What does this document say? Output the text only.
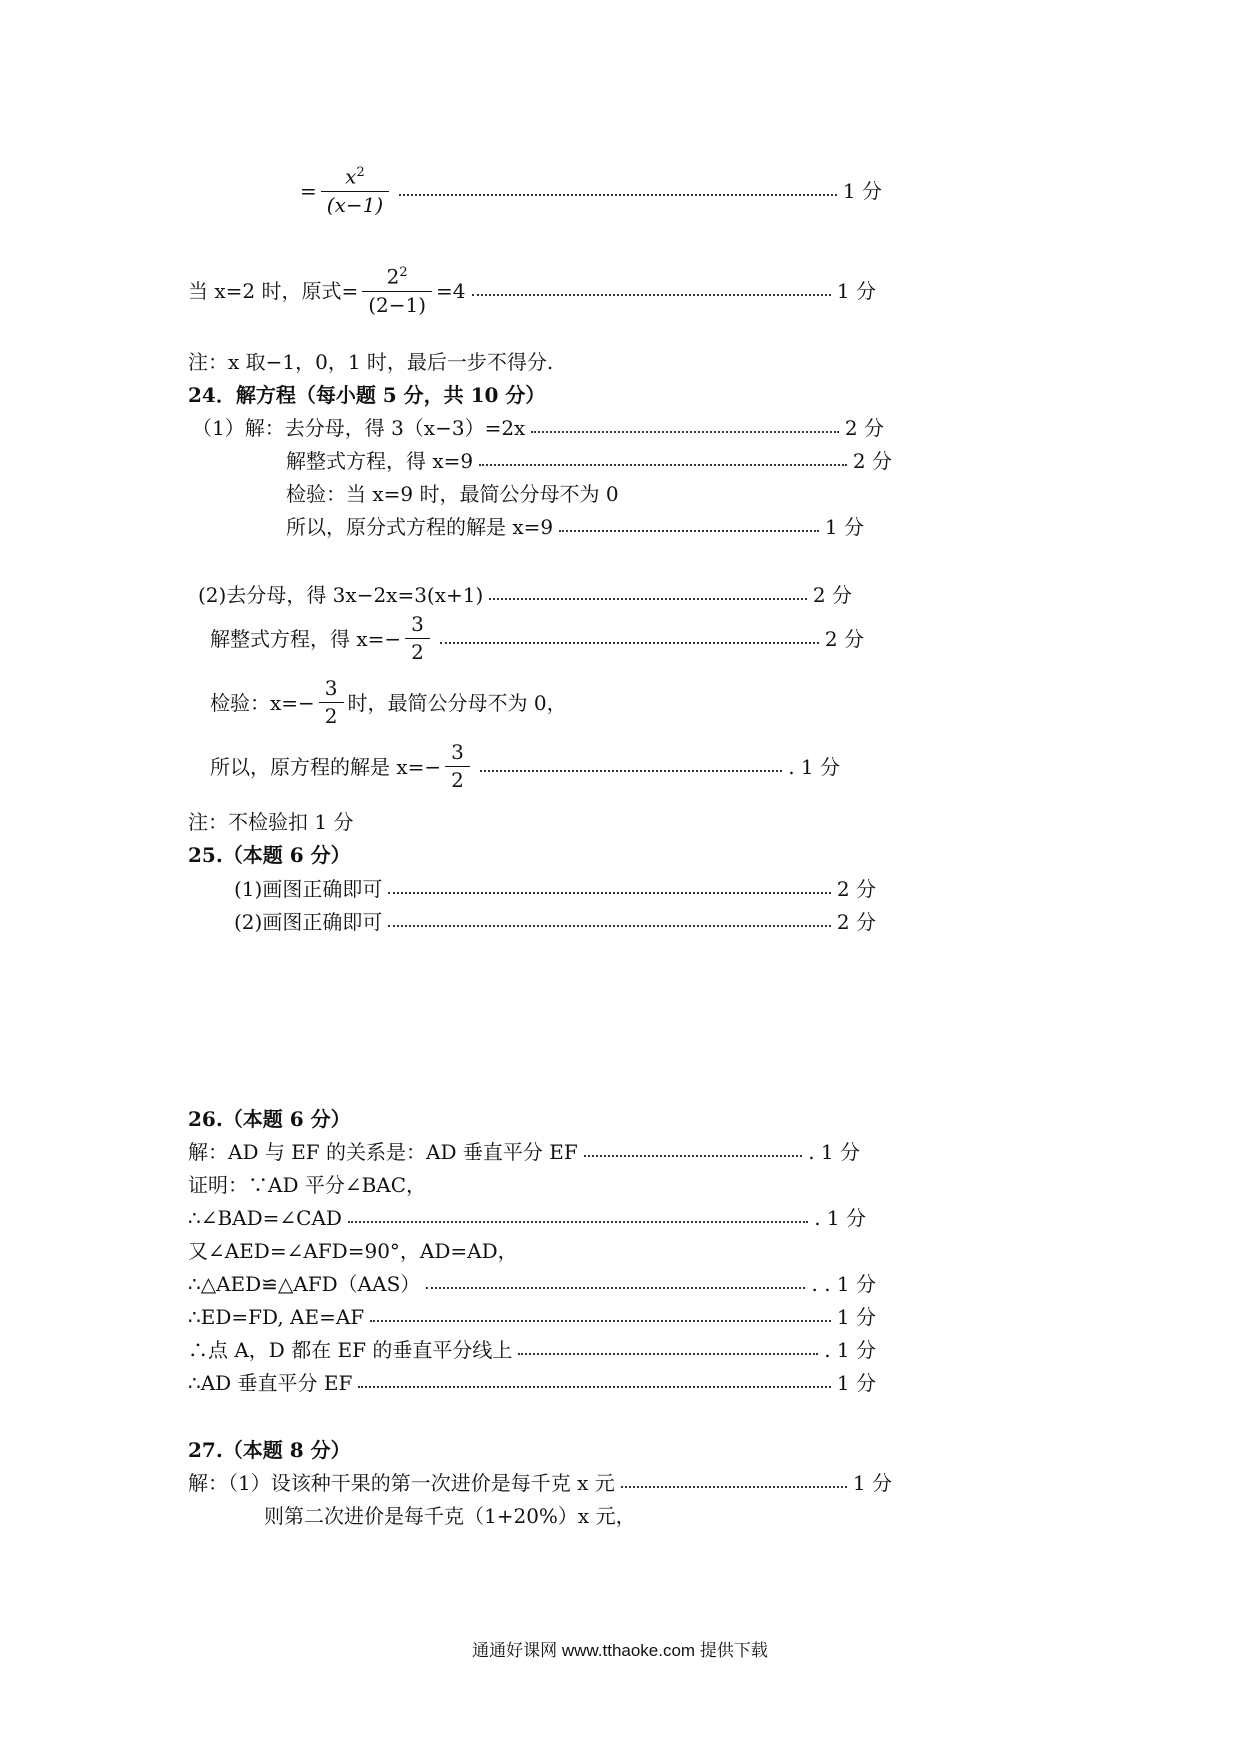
= $\frac{x^2}{(x-1)}$	1 分
当 x=2 时，原式= $\frac{2^2}{(2-1)} =4$	1 分
注：x 取−1，0，1 时，最后一步不得分.
24．解方程（每小题 5 分，共 10 分）
（1）解：去分母，得 3（x−3）=2x	2 分
解整式方程，得 x=9	2 分
检验：当 x=9 时，最简公分母不为 0
所以，原分式方程的解是 x=9	1 分
(2)去分母，得 3x−2x=3(x+1)	2 分
解整式方程，得 $x=- \frac{3}{2}$	2 分
检验：$x=- \frac{3}{2}$ 时，最简公分母不为 0，
所以，原方程的解是 $x=- \frac{3}{2}$	. 1 分
注：不检验扣 1 分
25.（本题 6 分）
(1)画图正确即可	2 分
(2)画图正确即可	2 分
26.（本题 6 分）
解：AD 与 EF 的关系是：AD 垂直平分 EF	. 1 分
证明：∵AD 平分∠BAC，
∴∠BAD=∠CAD	. 1 分
又∠AED=∠AFD=90°，AD=AD，
∴△AED≌△AFD（AAS）	. . 1 分
∴ED=FD, AE=AF	1 分
∴点 A，D 都在 EF 的垂直平分线上	. 1 分
∴AD 垂直平分 EF	1 分
27.（本题 8 分）
解：（1）设该种干果的第一次进价是每千克 x 元	1 分
则第二次进价是每千克（1+20%）x 元，
通通好课网 www.tthaoke.com 提供下载
